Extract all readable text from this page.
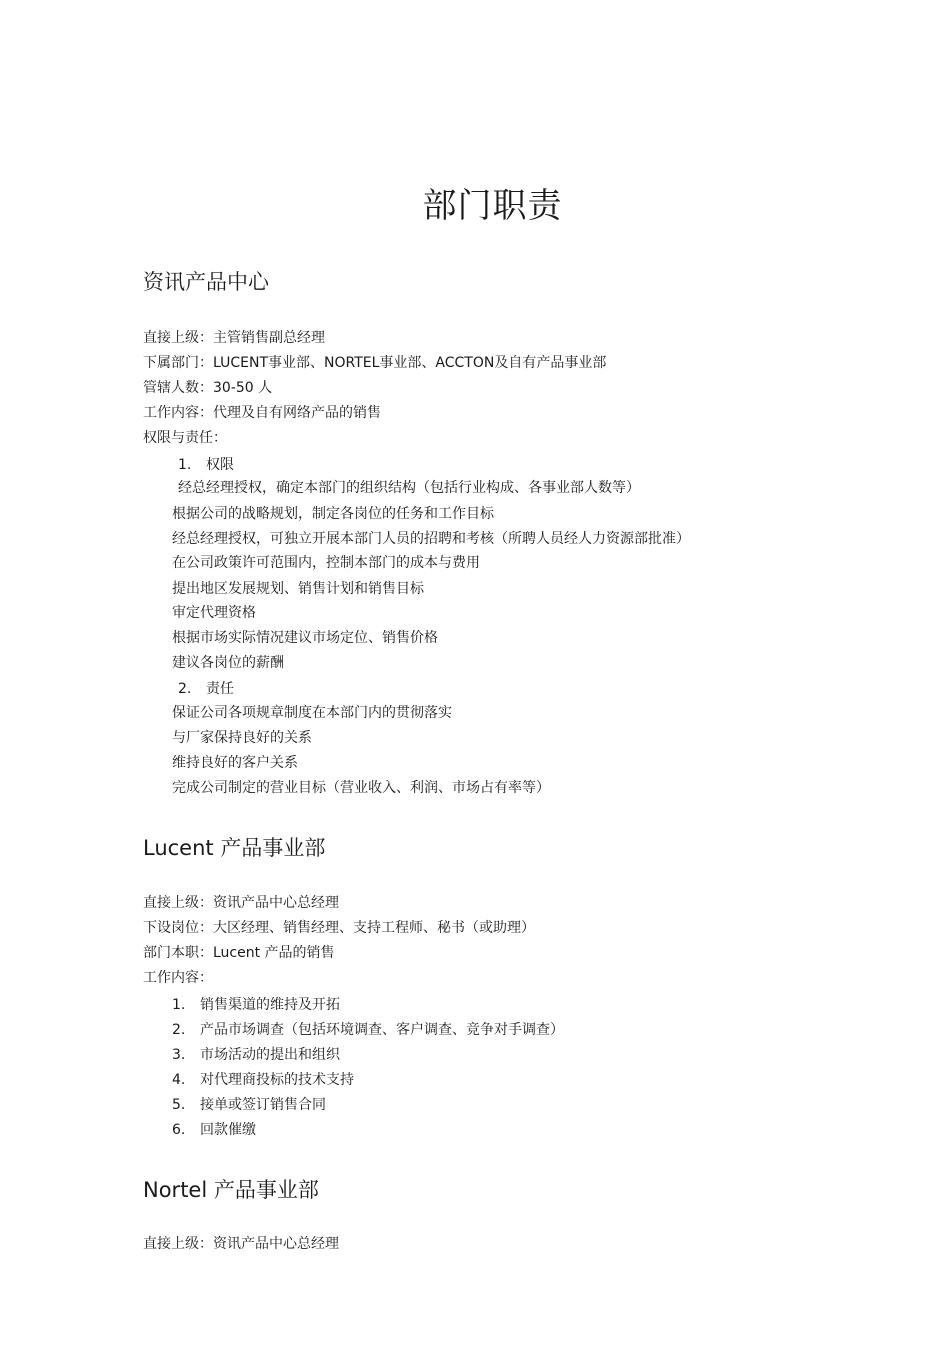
部门职责
资讯产品中心
直接上级：主管销售副总经理
下属部门：LUCENT事业部、NORTEL事业部、ACCTON及自有产品事业部
管辖人数：30-50 人
工作内容：代理及自有网络产品的销售
权限与责任：
1. 权限
经总经理授权，确定本部门的组织结构（包括行业构成、各事业部人数等）
根据公司的战略规划，制定各岗位的任务和工作目标
经总经理授权，可独立开展本部门人员的招聘和考核（所聘人员经人力资源部批准）
在公司政策许可范围内，控制本部门的成本与费用
提出地区发展规划、销售计划和销售目标
审定代理资格
根据市场实际情况建议市场定位、销售价格
建议各岗位的薪酬
2. 责任
保证公司各项规章制度在本部门内的贯彻落实
与厂家保持良好的关系
维持良好的客户关系
完成公司制定的营业目标（营业收入、利润、市场占有率等）
Lucent 产品事业部
直接上级：资讯产品中心总经理
下设岗位：大区经理、销售经理、支持工程师、秘书（或助理）
部门本职：Lucent 产品的销售
工作内容：
1. 销售渠道的维持及开拓
2. 产品市场调查（包括环境调查、客户调查、竞争对手调查）
3. 市场活动的提出和组织
4. 对代理商投标的技术支持
5. 接单或签订销售合同
6. 回款催缴
Nortel 产品事业部
直接上级：资讯产品中心总经理
